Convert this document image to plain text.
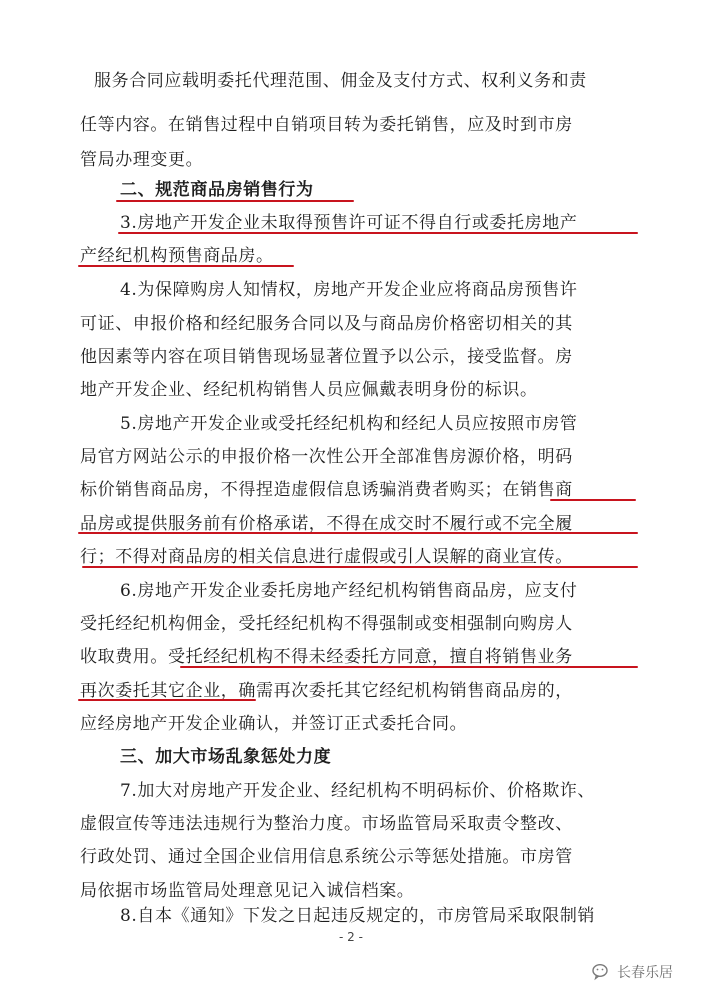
服务合同应载明委托代理范围、佣金及支付方式、权利义务和责
任等内容。在销售过程中自销项目转为委托销售，应及时到市房
管局办理变更。
二、规范商品房销售行为
3.房地产开发企业未取得预售许可证不得自行或委托房地产
产经纪机构预售商品房。
4.为保障购房人知情权，房地产开发企业应将商品房预售许
可证、申报价格和经纪服务合同以及与商品房价格密切相关的其
他因素等内容在项目销售现场显著位置予以公示，接受监督。房
地产开发企业、经纪机构销售人员应佩戴表明身份的标识。
5.房地产开发企业或受托经纪机构和经纪人员应按照市房管
局官方网站公示的申报价格一次性公开全部准售房源价格，明码
标价销售商品房，不得捏造虚假信息诱骗消费者购买；在销售商
品房或提供服务前有价格承诺，不得在成交时不履行或不完全履
行；不得对商品房的相关信息进行虚假或引人误解的商业宣传。
6.房地产开发企业委托房地产经纪机构销售商品房，应支付
受托经纪机构佣金，受托经纪机构不得强制或变相强制向购房人
收取费用。受托经纪机构不得未经委托方同意，擅自将销售业务
再次委托其它企业，确需再次委托其它经纪机构销售商品房的，
应经房地产开发企业确认，并签订正式委托合同。
三、加大市场乱象惩处力度
7.加大对房地产开发企业、经纪机构不明码标价、价格欺诈、
虚假宣传等违法违规行为整治力度。市场监管局采取责令整改、
行政处罚、通过全国企业信用信息系统公示等惩处措施。市房管
局依据市场监管局处理意见记入诚信档案。
8.自本《通知》下发之日起违反规定的，市房管局采取限制销
- 2 -
长春乐居
